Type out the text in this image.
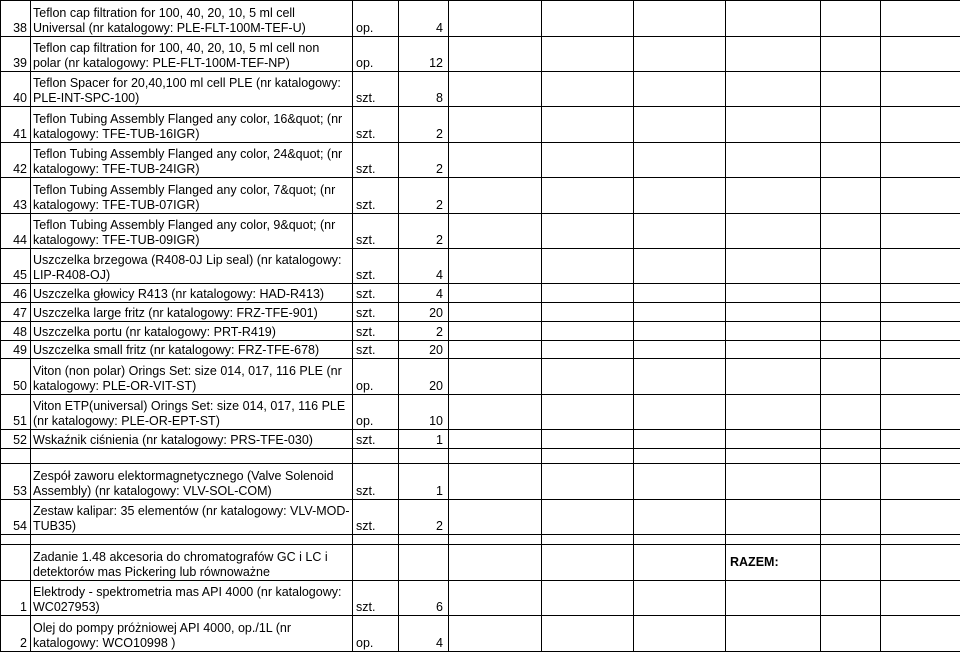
38	Teflon cap filtration for 100, 40, 20, 10, 5 ml cell
Universal (nr katalogowy: PLE-FLT-100M-TEF-U)	op.	4						
39	Teflon cap filtration for 100, 40, 20, 10, 5 ml cell non
polar (nr katalogowy: PLE-FLT-100M-TEF-NP)	op.	12						
40	Teflon Spacer for 20,40,100 ml cell PLE (nr katalogowy:
PLE-INT-SPC-100)	szt.	8						
41	Teflon Tubing Assembly Flanged any color, 16&quot; (nr
katalogowy: TFE-TUB-16IGR)	szt.	2						
42	Teflon Tubing Assembly Flanged any color, 24&quot; (nr
katalogowy: TFE-TUB-24IGR)	szt.	2						
43	Teflon Tubing Assembly Flanged any color, 7&quot; (nr
katalogowy: TFE-TUB-07IGR)	szt.	2						
44	Teflon Tubing Assembly Flanged any color, 9&quot; (nr
katalogowy: TFE-TUB-09IGR)	szt.	2						
45	Uszczelka brzegowa (R408-0J Lip seal) (nr katalogowy:
LIP-R408-OJ)	szt.	4						
46	Uszczelka głowicy R413 (nr katalogowy: HAD-R413)	szt.	4						
47	Uszczelka large fritz (nr katalogowy: FRZ-TFE-901)	szt.	20						
48	Uszczelka portu (nr katalogowy: PRT-R419)	szt.	2						
49	Uszczelka small fritz (nr katalogowy: FRZ-TFE-678)	szt.	20						
50	Viton (non polar) Orings Set: size 014, 017, 116 PLE (nr
katalogowy: PLE-OR-VIT-ST)	op.	20						
51	Viton ETP(universal) Orings Set: size 014, 017, 116 PLE
(nr katalogowy: PLE-OR-EPT-ST)	op.	10						
52	Wskaźnik ciśnienia (nr katalogowy: PRS-TFE-030)	szt.	1						

53	Zespół zaworu elektormagnetycznego (Valve Solenoid
Assembly) (nr katalogowy: VLV-SOL-COM)	szt.	1						
54	Zestaw kalipar: 35 elementów (nr katalogowy: VLV-MOD-
TUB35)	szt.	2						

	Zadanie 1.48 akcesoria do chromatografów GC i LC i
detektorów mas Pickering lub równoważne						RAZEM:		
1	Elektrody - spektrometria mas API 4000 (nr katalogowy:
WC027953)	szt.	6						
2	Olej do pompy próżniowej API 4000, op./1L (nr
katalogowy: WCO10998 )	op.	4						
